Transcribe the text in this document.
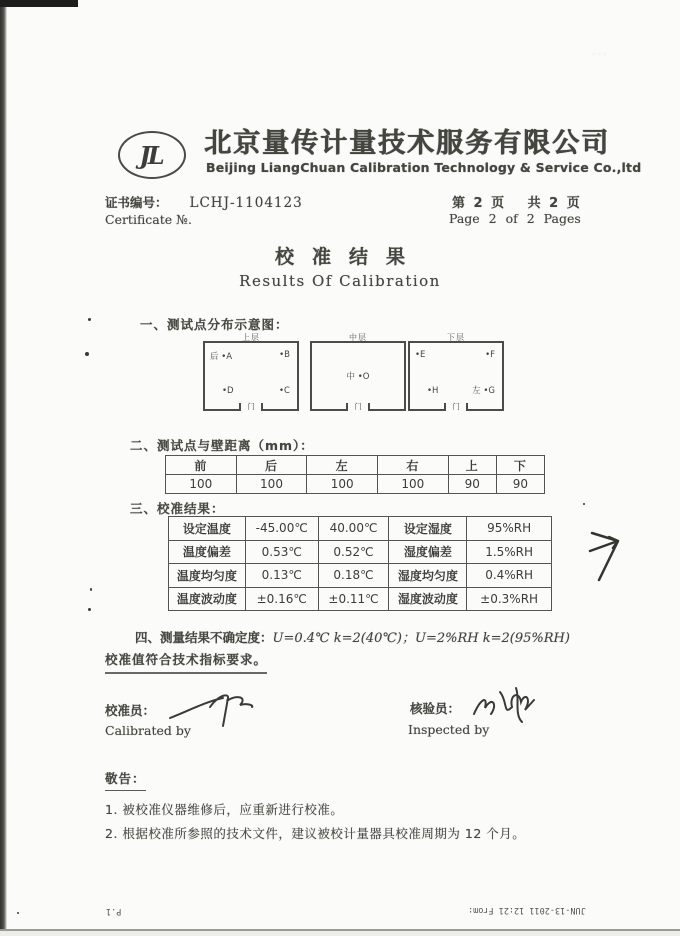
···
JL 北京量传计量技术服务有限公司
Beijing LiangChuan Calibration Technology & Service Co.,ltd
证书编号： LCHJ-1104123
Certificate №.
第 2 页　 共 2 页
Page 2 of 2 Pages
校准结果
Results Of Calibration
一、测试点分布示意图：
上层
后 •A	•B
•D	•C
门
中层
中 •O
门
下层
•E	•F
•H	左 •G
门
二、测试点与壁距离（mm）：
前	后	左	右	上	下
100	100	100	100	90	90
三、校准结果：
设定温度	-45.00℃	40.00℃	设定湿度	95%RH
温度偏差	0.53℃	0.52℃	湿度偏差	1.5%RH
温度均匀度	0.13℃	0.18℃	湿度均匀度	0.4%RH
温度波动度	±0.16℃	±0.11℃	湿度波动度	±0.3%RH
四、测量结果不确定度：U=0.4℃ k=2(40℃)；U=2%RH k=2(95%RH)
校准值符合技术指标要求。
校准员：
Calibrated by
核验员：
Inspected by
敬告：
1. 被校准仪器维修后，应重新进行校准。
2. 根据校准所参照的技术文件，建议被校计量器具校准周期为 12 个月。
JUN-13-2011 12:21 From:
P.1
